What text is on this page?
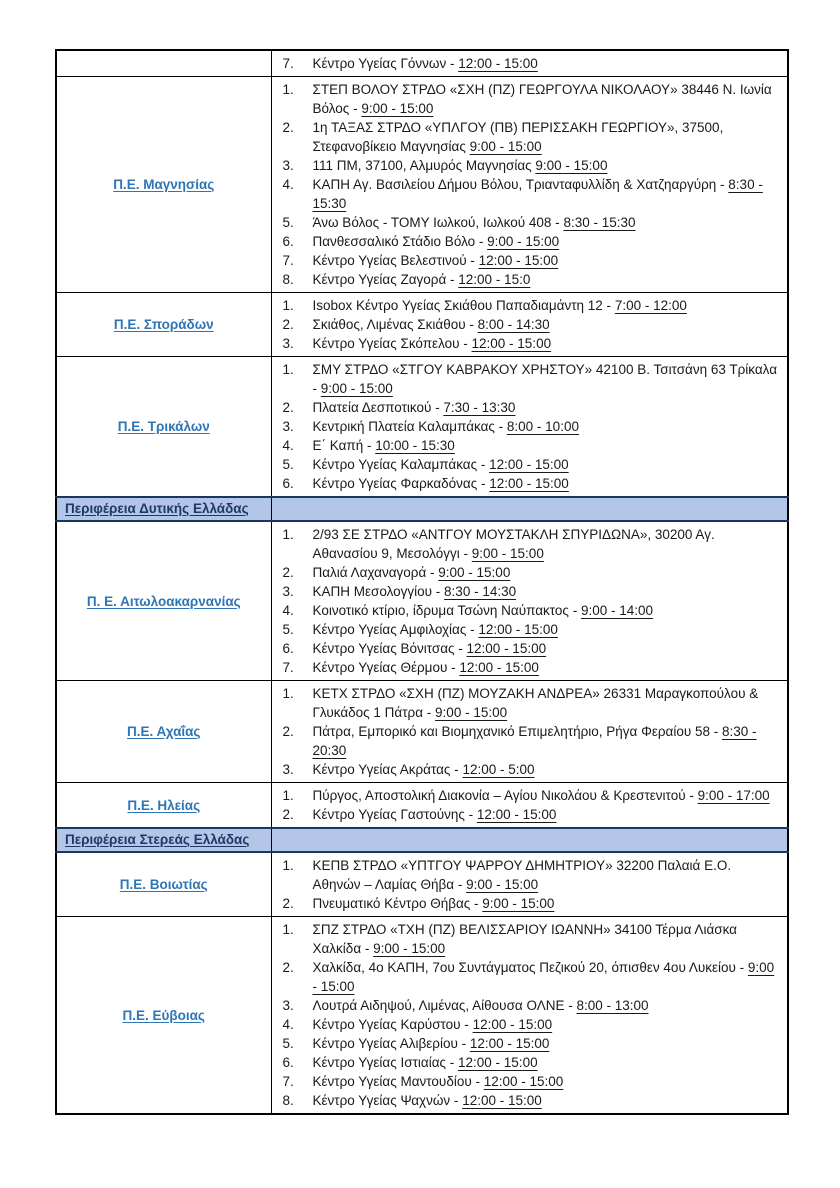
	7. Κέντρο Υγείας Γόννων - 12:00 - 15:00

Π.Ε. Μαγνησίας	
1.	ΣΤΕΠ ΒΟΛΟΥ ΣΤΡΔΟ «ΣΧΗ (ΠΖ) ΓΕΩΡΓΟΥΛΑ ΝΙΚΟΛΑΟΥ» 38446 Ν. Ιωνία Βόλος - 9:00 - 15:00
2.	1η ΤΑΞΑΣ ΣΤΡΔΟ «ΥΠΛΓΟΥ (ΠΒ) ΠΕΡΙΣΣΑΚΗ ΓΕΩΡΓΙΟΥ», 37500, Στεφανοβίκειο Μαγνησίας 9:00 - 15:00
3.	111 ΠΜ, 37100, Αλμυρός Μαγνησίας 9:00 - 15:00
4.	ΚΑΠΗ Αγ. Βασιλείου Δήμου Βόλου, Τριανταφυλλίδη & Χατζηαργύρη - 8:30 - 15:30
5.	Άνω Βόλος - ΤΟΜΥ Ιωλκού, Ιωλκού 408 - 8:30 - 15:30
6.	Πανθεσσαλικό Στάδιο Βόλο - 9:00 - 15:00
7.	Κέντρο Υγείας Βελεστινού - 12:00 - 15:00
8.	Κέντρο Υγείας Ζαγορά - 12:00 - 15:0

Π.Ε. Σποράδων	
1.	Isobox Κέντρο Υγείας Σκιάθου Παπαδιαμάντη 12 - 7:00 - 12:00
2.	Σκιάθος, Λιμένας Σκιάθου - 8:00 - 14:30
3.	Κέντρο Υγείας Σκόπελου - 12:00 - 15:00

Π.Ε. Τρικάλων	
1.	ΣΜΥ ΣΤΡΔΟ «ΣΤΓΟΥ ΚΑΒΡΑΚΟΥ ΧΡΗΣΤΟΥ» 42100 Β. Τσιτσάνη 63 Τρίκαλα - 9:00 - 15:00
2.	Πλατεία Δεσποτικού - 7:30 - 13:30
3.	Κεντρική Πλατεία Καλαμπάκας - 8:00 - 10:00
4.	Ε΄ Καπή - 10:00 - 15:30
5.	Κέντρο Υγείας Καλαμπάκας - 12:00 - 15:00
6.	Κέντρο Υγείας Φαρκαδόνας - 12:00 - 15:00

Περιφέρεια Δυτικής Ελλάδας	
Π. Ε. Αιτωλοακαρνανίας	
1.	2/93 ΣΕ ΣΤΡΔΟ «ΑΝΤΓΟΥ ΜΟΥΣΤΑΚΛΗ ΣΠΥΡΙΔΩΝΑ», 30200 Αγ. Αθανασίου 9, Μεσολόγγι - 9:00 - 15:00
2.	Παλιά Λαχαναγορά - 9:00 - 15:00
3.	ΚΑΠΗ Μεσολογγίου - 8:30 - 14:30
4.	Κοινοτικό κτίριο, ίδρυμα Τσώνη Ναύπακτος - 9:00 - 14:00
5.	Κέντρο Υγείας Αμφιλοχίας - 12:00 - 15:00
6.	Κέντρο Υγείας Βόνιτσας - 12:00 - 15:00
7.	Κέντρο Υγείας Θέρμου - 12:00 - 15:00

Π.Ε. Αχαΐας	
1.	ΚΕΤΧ ΣΤΡΔΟ «ΣΧΗ (ΠΖ) ΜΟΥΖΑΚΗ ΑΝΔΡΕΑ» 26331 Μαραγκοπούλου & Γλυκάδος 1 Πάτρα - 9:00 - 15:00
2.	Πάτρα, Εμπορικό και Βιομηχανικό Επιμελητήριο, Ρήγα Φεραίου 58 - 8:30 - 20:30
3.	Κέντρο Υγείας Ακράτας - 12:00 - 5:00

Π.Ε. Ηλείας	1. Πύργος, Αποστολική Διακονία – Αγίου Νικολάου & Κρεστενιτού - 9:00 - 17:00
2. Κέντρο Υγείας Γαστούνης - 12:00 - 15:00

Περιφέρεια Στερεάς Ελλάδας	
Π.Ε. Βοιωτίας	1. ΚΕΠΒ ΣΤΡΔΟ «ΥΠΤΓΟΥ ΨΑΡΡΟΥ ΔΗΜΗΤΡΙΟΥ» 32200 Παλαιά Ε.Ο. Αθηνών – Λαμίας Θήβα - 9:00 - 15:00
2. Πνευματικό Κέντρο Θήβας - 9:00 - 15:00

Π.Ε. Εύβοιας	
1.	ΣΠΖ ΣΤΡΔΟ «ΤΧΗ (ΠΖ) ΒΕΛΙΣΣΑΡΙΟΥ ΙΩΑΝΝΗ» 34100 Τέρμα Λιάσκα Χαλκίδα - 9:00 - 15:00
2.	Χαλκίδα, 4ο ΚΑΠΗ, 7ου Συντάγματος Πεζικού 20, όπισθεν 4ου Λυκείου - 9:00 - 15:00
3.	Λουτρά Αιδηψού, Λιμένας, Αίθουσα ΟΛΝΕ - 8:00 - 13:00
4.	Κέντρο Υγείας Καρύστου - 12:00 - 15:00
5.	Κέντρο Υγείας Αλιβερίου - 12:00 - 15:00
6.	Κέντρο Υγείας Ιστιαίας - 12:00 - 15:00
7.	Κέντρο Υγείας Μαντουδίου - 12:00 - 15:00
8.	Κέντρο Υγείας Ψαχνών - 12:00 - 15:00
